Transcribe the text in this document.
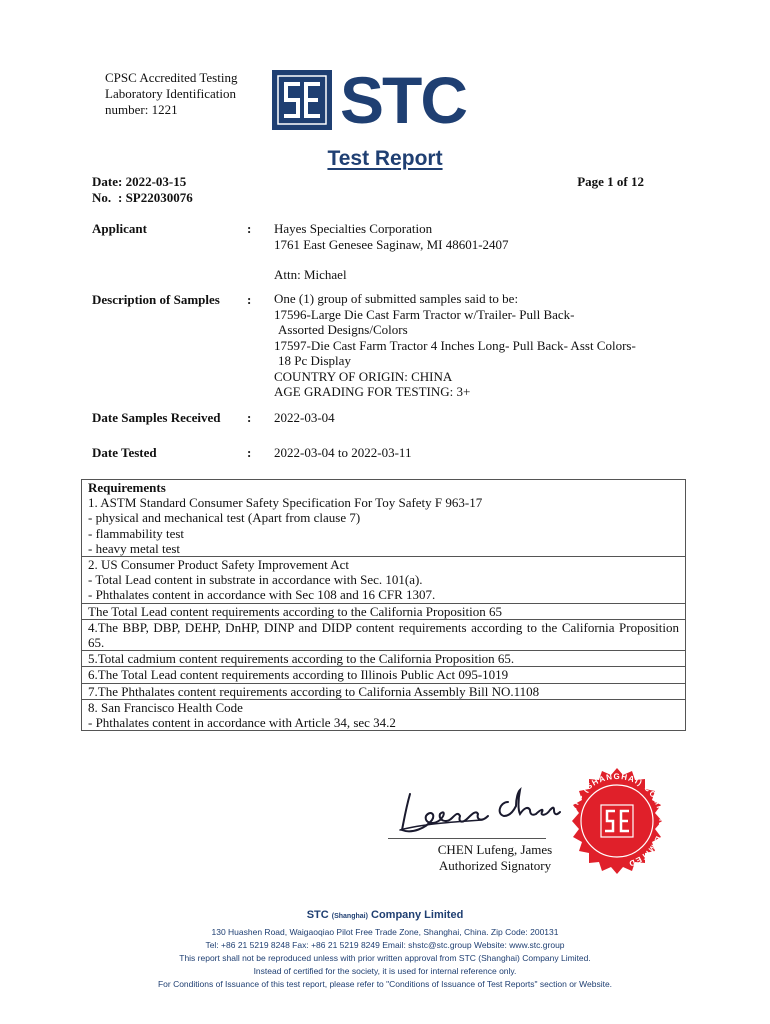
CPSC Accredited Testing
Laboratory Identification
number: 1221	STC
Test Report
Date : 2022-03-15
No. : SP22030076
Page 1 of 12
Applicant	: Hayes Specialties Corporation
1761 East Genesee Saginaw, MI 48601-2407
Attn: Michael
Description of Samples	: One (1) group of submitted samples said to be:
17596-Large Die Cast Farm Tractor w/Trailer- Pull Back-
Assorted Designs/Colors
17597-Die Cast Farm Tractor 4 Inches Long- Pull Back- Asst Colors-
18 Pc Display
COUNTRY OF ORIGIN: CHINA
AGE GRADING FOR TESTING: 3+
Date Samples Received	: 2022-03-04
Date Tested	: 2022-03-04 to 2022-03-11
Requirements
1. ASTM Standard Consumer Safety Specification For Toy Safety F 963-17
- physical and mechanical test (Apart from clause 7)
- flammability test
- heavy metal test
2. US Consumer Product Safety Improvement Act
- Total Lead content in substrate in accordance with Sec. 101(a).
- Phthalates content in accordance with Sec 108 and 16 CFR 1307.
The Total Lead content requirements according to the California Proposition 65
4.The BBP, DBP, DEHP, DnHP, DINP and DIDP content requirements according to the California Proposition 65.
5.Total cadmium content requirements according to the California Proposition 65.
6.The Total Lead content requirements according to Illinois Public Act 095-1019
7.The Phthalates content requirements according to California Assembly Bill NO.1108
8. San Francisco Health Code
- Phthalates content in accordance with Article 34, sec 34.2
CHEN Lufeng, James
Authorized Signatory
STC (SHANGHAI) COMPANY LIMITED
STC (Shanghai) Company Limited
130 Huashen Road, Waigaoqiao Pilot Free Trade Zone, Shanghai, China. Zip Code: 200131
Tel: +86 21 5219 8248 Fax: +86 21 5219 8249 Email: shstc@stc.group Website: www.stc.group
This report shall not be reproduced unless with prior written approval from STC (Shanghai) Company Limited.
Instead of certified for the society, it is used for internal reference only.
For Conditions of Issuance of this test report, please refer to "Conditions of Issuance of Test Reports" section or Website.
